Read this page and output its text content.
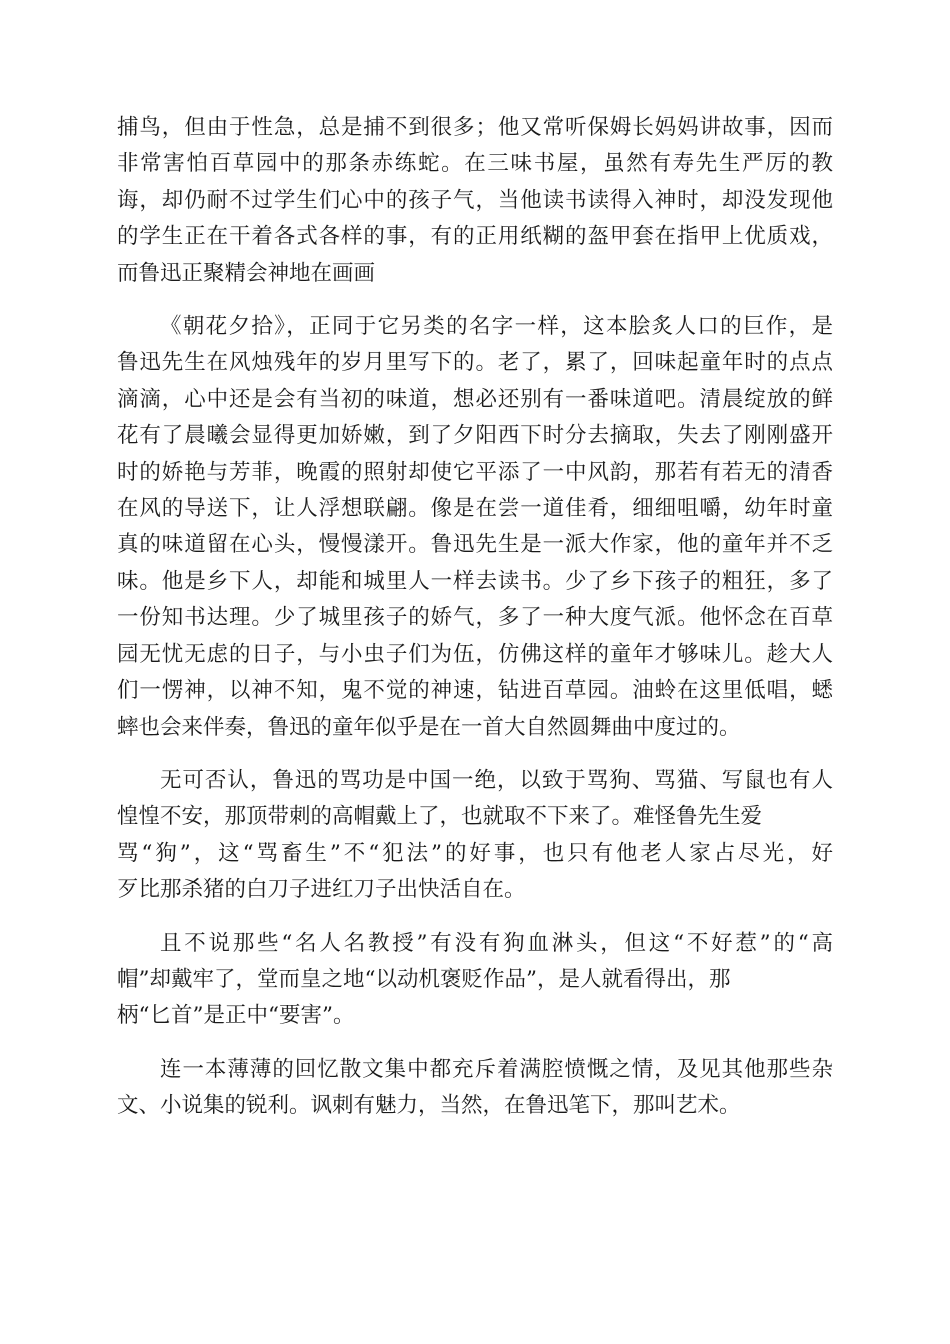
捕鸟，但由于性急，总是捕不到很多；他又常听保姆长妈妈讲故事，因而
非常害怕百草园中的那条赤练蛇。在三味书屋，虽然有寿先生严厉的教
诲，却仍耐不过学生们心中的孩子气，当他读书读得入神时，却没发现他
的学生正在干着各式各样的事，有的正用纸糊的盔甲套在指甲上优质戏，
而鲁迅正聚精会神地在画画

《朝花夕拾》，正同于它另类的名字一样，这本脍炙人口的巨作，是
鲁迅先生在风烛残年的岁月里写下的。老了，累了，回味起童年时的点点
滴滴，心中还是会有当初的味道，想必还别有一番味道吧。清晨绽放的鲜
花有了晨曦会显得更加娇嫩，到了夕阳西下时分去摘取，失去了刚刚盛开
时的娇艳与芳菲，晚霞的照射却使它平添了一中风韵，那若有若无的清香
在风的导送下，让人浮想联翩。像是在尝一道佳肴，细细咀嚼，幼年时童
真的味道留在心头，慢慢漾开。鲁迅先生是一派大作家，他的童年并不乏
味。他是乡下人，却能和城里人一样去读书。少了乡下孩子的粗狂，多了
一份知书达理。少了城里孩子的娇气，多了一种大度气派。他怀念在百草
园无忧无虑的日子，与小虫子们为伍，仿佛这样的童年才够味儿。趁大人
们一愣神，以神不知，鬼不觉的神速，钻进百草园。油蛉在这里低唱，蟋
蟀也会来伴奏，鲁迅的童年似乎是在一首大自然圆舞曲中度过的。

无可否认，鲁迅的骂功是中国一绝，以致于骂狗、骂猫、写鼠也有人
惶惶不安，那顶带刺的高帽戴上了，也就取不下来了。难怪鲁先生爱
骂“狗”，这“骂畜生”不“犯法”的好事，也只有他老人家占尽光，好
歹比那杀猪的白刀子进红刀子出快活自在。

且不说那些“名人名教授”有没有狗血淋头，但这“不好惹”的“高
帽”却戴牢了，堂而皇之地“以动机褒贬作品”，是人就看得出，那
柄“匕首”是正中“要害”。

连一本薄薄的回忆散文集中都充斥着满腔愤慨之情，及见其他那些杂
文、小说集的锐利。讽刺有魅力，当然，在鲁迅笔下，那叫艺术。
